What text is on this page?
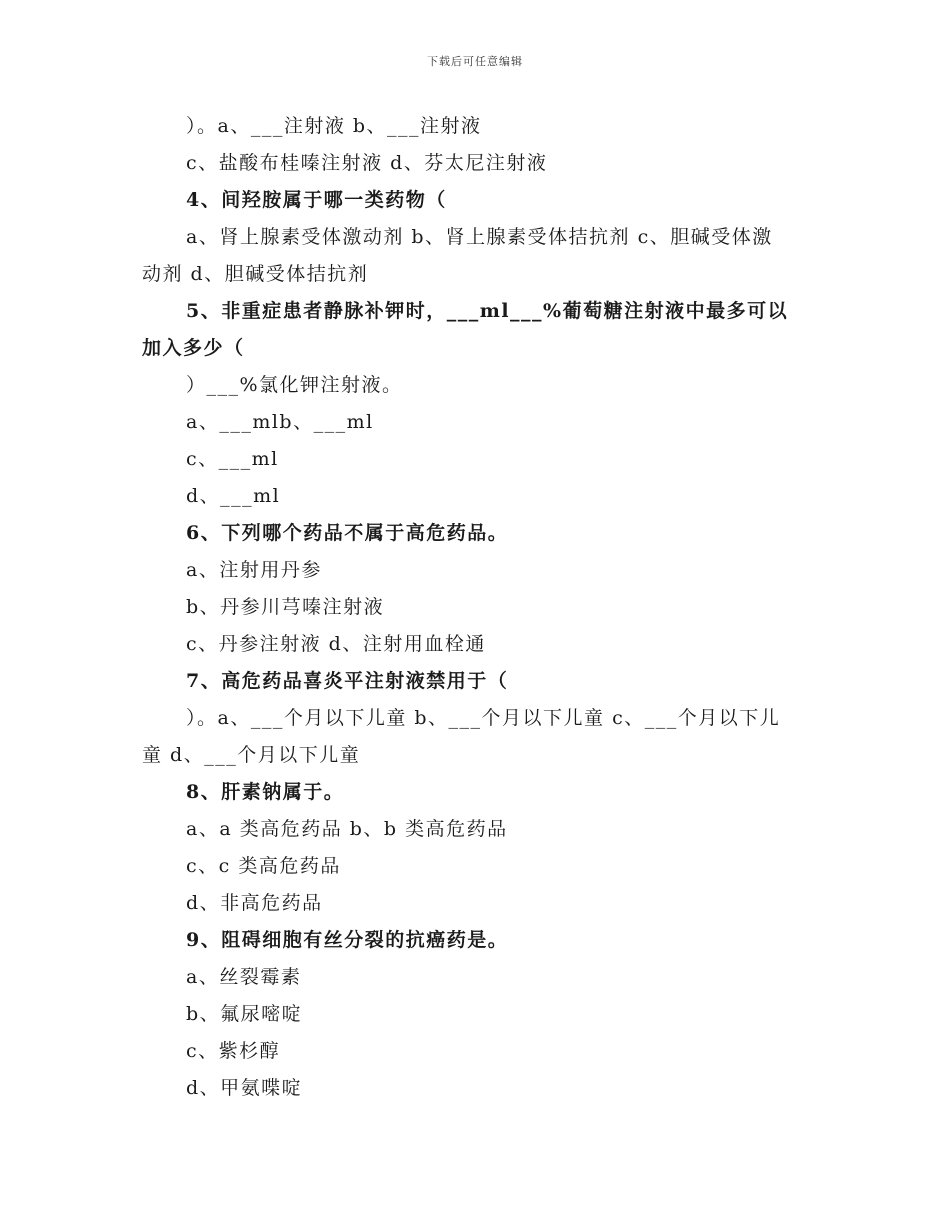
下载后可任意编辑
）。a、___注射液 b、___注射液
c、盐酸布桂嗪注射液 d、芬太尼注射液
4、间羟胺属于哪一类药物（
a、肾上腺素受体激动剂 b、肾上腺素受体拮抗剂 c、胆碱受体激
动剂 d、胆碱受体拮抗剂
5、非重症患者静脉补钾时，___ml___%葡萄糖注射液中最多可以
加入多少（
）___%氯化钾注射液。
a、___mlb、___ml
c、___ml
d、___ml
6、下列哪个药品不属于高危药品。
a、注射用丹参
b、丹参川芎嗪注射液
c、丹参注射液 d、注射用血栓通
7、高危药品喜炎平注射液禁用于（
）。a、___个月以下儿童 b、___个月以下儿童 c、___个月以下儿
童 d、___个月以下儿童
8、肝素钠属于。
a、a 类高危药品 b、b 类高危药品
c、c 类高危药品
d、非高危药品
9、阻碍细胞有丝分裂的抗癌药是。
a、丝裂霉素
b、氟尿嘧啶
c、紫杉醇
d、甲氨喋啶
